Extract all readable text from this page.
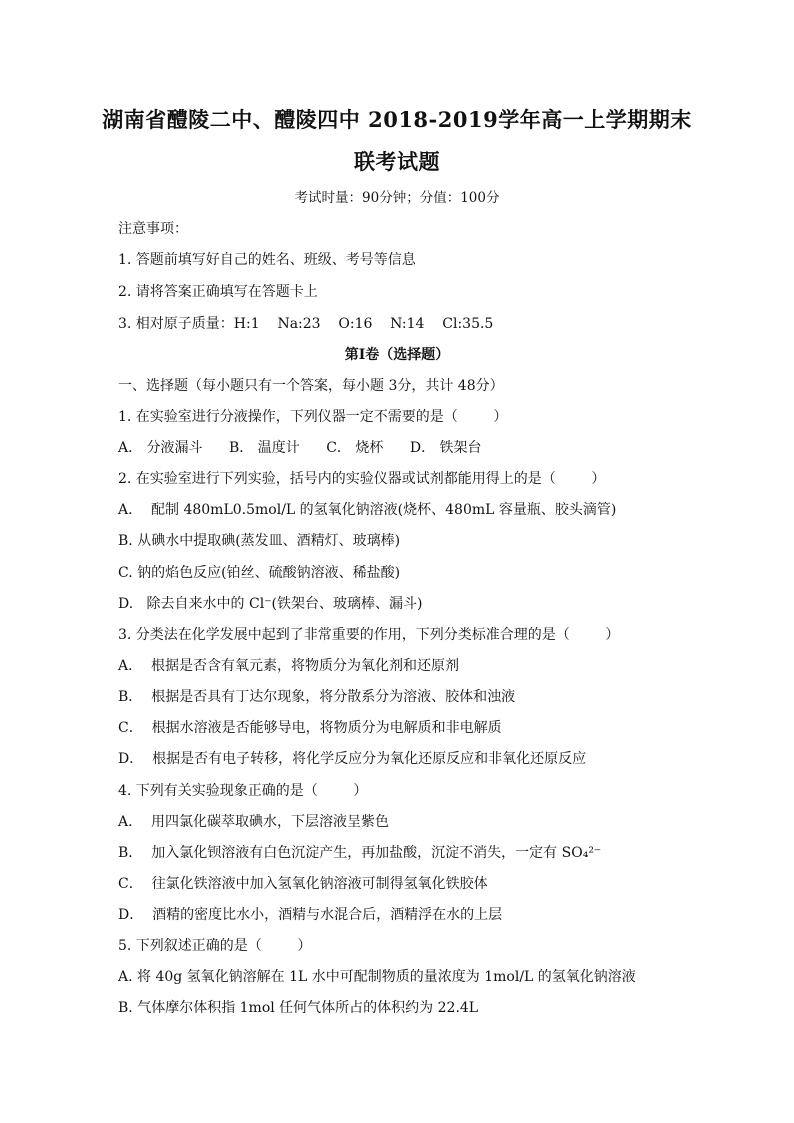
湖南省醴陵二中、醴陵四中 2018-2019学年高一上学期期末
联考试题
考试时量：90分钟；分值：100分
注意事项：
1. 答题前填写好自己的姓名、班级、考号等信息
2. 请将答案正确填写在答题卡上
3. 相对原子质量：H:1    Na:23    O:16    N:14    Cl:35.5
第Ⅰ卷（选择题）
一、选择题（每小题只有一个答案，每小题 3分，共计 48分）
1. 在实验室进行分液操作，下列仪器一定不需要的是（        ）
A． 分液漏斗 B． 温度计 C． 烧杯 D． 铁架台
2. 在实验室进行下列实验，括号内的实验仪器或试剂都能用得上的是（        ）
A．  配制 480mL0.5mol/L 的氢氧化钠溶液(烧杯、480mL 容量瓶、胶头滴管)
B. 从碘水中提取碘(蒸发皿、酒精灯、玻璃棒)
C. 钠的焰色反应(铂丝、硫酸钠溶液、稀盐酸)
D.   除去自来水中的 Cl⁻(铁架台、玻璃棒、漏斗)
3. 分类法在化学发展中起到了非常重要的作用，下列分类标准合理的是（        ）
A．  根据是否含有氧元素，将物质分为氧化剂和还原剂
B．  根据是否具有丁达尔现象，将分散系分为溶液、胶体和浊液
C．  根据水溶液是否能够导电，将物质分为电解质和非电解质
D．  根据是否有电子转移，将化学反应分为氧化还原反应和非氧化还原反应
4. 下列有关实验现象正确的是（        ）
A．  用四氯化碳萃取碘水，下层溶液呈紫色
B．  加入氯化钡溶液有白色沉淀产生，再加盐酸，沉淀不消失，一定有 SO₄²⁻
C．  往氯化铁溶液中加入氢氧化钠溶液可制得氢氧化铁胶体
D．  酒精的密度比水小，酒精与水混合后，酒精浮在水的上层
5. 下列叙述正确的是（        ）
A. 将 40g 氢氧化钠溶解在 1L 水中可配制物质的量浓度为 1mol/L 的氢氧化钠溶液
B. 气体摩尔体积指 1mol 任何气体所占的体积约为 22.4L
